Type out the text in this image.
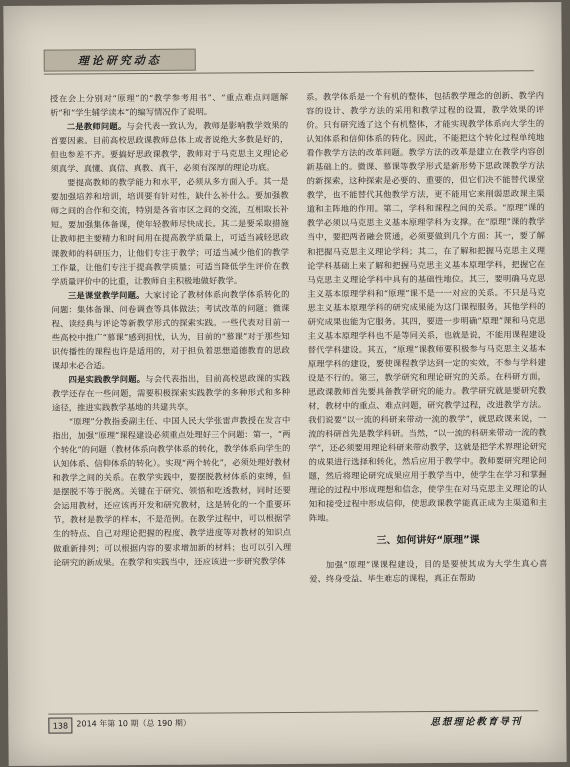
理论研究动态

授在会上分别对“原理”的“教学参考用书”、“重点难点问题解析”和“学生辅学读本”的编写情况作了说明。

二是教师问题。与会代表一致认为，教师是影响教学效果的首要因素。目前高校思政课教师总体上或者说绝大多数是好的，但也参差不齐。要搞好思政课教学，教师对于马克思主义理论必须真学、真懂、真信、真教、真干，必须有深厚的理论功底。

要提高教师的教学能力和水平，必须从多方面入手。其一是要加强培养和培训，培训要有针对性，缺什么补什么。要加强教师之间的合作和交流，特别是各省市区之间的交流，互相取长补短。要加强集体备课，使年轻教师尽快成长。其二是要采取措施让教师把主要精力和时间用在提高教学质量上，可适当减轻思政课教师的科研压力，让他们专注于教学；可适当减少他们的教学工作量，让他们专注于提高教学质量；可适当降低学生评价在教学质量评价中的比重，让教师自主积极地做好教学。

三是课堂教学问题。大家讨论了教材体系向教学体系转化的问题：集体备课、问卷调查等具体做法；考试改革的问题；微课程、读经典与评论等新教学形式的探索实践。一些代表对目前一些高校中推广“慕课”感到担忧，认为，目前的“慕课”对于那些知识传播性的课程也许是适用的，对于担负着思想道德教育的思政课却未必合适。

四是实践教学问题。与会代表指出，目前高校思政课的实践教学还存在一些问题，需要积极探索实践教学的多种形式和多种途径，推进实践教学基地的共建共享。

“原理”分教指委副主任、中国人民大学张雷声教授在发言中指出，加强“原理”课程建设必须重点处理好三个问题：第一，“两个转化”的问题（教材体系向教学体系的转化，教学体系向学生的认知体系、信仰体系的转化）。实现“两个转化”，必须处理好教材和教学之间的关系。在教学实践中，要摆脱教材体系的束缚，但是摆脱不等于脱离。关键在于研究、领悟和吃透教材，同时还要会运用教材，还应该再开发和研究教材，这是转化的一个重要环节。教材是教学的样本，不是范例。在教学过程中，可以根据学生的特点、自己对理论把握的程度、教学进度等对教材的知识点做重新排列；可以根据内容的要求增加新的材料；也可以引入理论研究的新成果。在教学和实践当中，还应该进一步研究教学体

系。教学体系是一个有机的整体，包括教学理念的创新、教学内容的设计、教学方法的采用和教学过程的设置，教学效果的评价。只有研究透了这个有机整体，才能实现教学体系向大学生的认知体系和信仰体系的转化。因此，不能把这个转化过程单纯地看作教学方法的改革问题。教学方法的改革是建立在教学内容创新基础上的。微课、慕课等教学形式是新形势下思政课教学方法的新探索，这种探索是必要的、重要的，但它们决不能替代课堂教学，也不能替代其他教学方法，更不能用它来削弱思政课主渠道和主阵地的作用。第二，学科和课程之间的关系。“原理”课的教学必须以马克思主义基本原理学科为支撑。在“原理”课的教学当中，要把两者融会贯通，必须要做到几个方面：其一，要了解和把握马克思主义理论学科；其二，在了解和把握马克思主义理论学科基础上来了解和把握马克思主义基本原理学科，把握它在马克思主义理论学科中具有的基础性地位。其三，要明确马克思主义基本原理学科和“原理”课不是一一对应的关系。不只是马克思主义基本原理学科的研究成果能为这门课程服务，其他学科的研究成果也能为它服务。其四，要进一步明确“原理”课和马克思主义基本原理学科也不是等同关系，也就是说，不能用课程建设替代学科建设。其五，“原理”课教师要积极参与马克思主义基本原理学科的建设，要使课程教学达到一定的实效，不参与学科建设是不行的。第三，教学研究和理论研究的关系。在科研方面，思政课教师首先要具备教学研究的能力。教学研究就是要研究教材，教材中的重点、难点问题，研究教学过程，改进教学方法。我们说要“以一流的科研来带动一流的教学”，就思政课来说，一流的科研首先是教学科研。当然，“以一流的科研来带动一流的教学”，还必须要用理论科研来带动教学，这就是把学术界理论研究的成果进行选择和转化，然后应用于教学中。教师要研究理论问题，然后将理论研究成果应用于教学当中，使学生在学习和掌握理论的过程中形成理想和信念，使学生在对马克思主义理论的认知和接受过程中形成信仰，使思政课教学能真正成为主渠道和主阵地。

三、如何讲好“原理”课

加强“原理”课课程建设，目的是要使其成为大学生真心喜爱、终身受益、毕生难忘的课程，真正在帮助

138 2014 年第 10 期（总 190 期）	思想理论教育导刊
